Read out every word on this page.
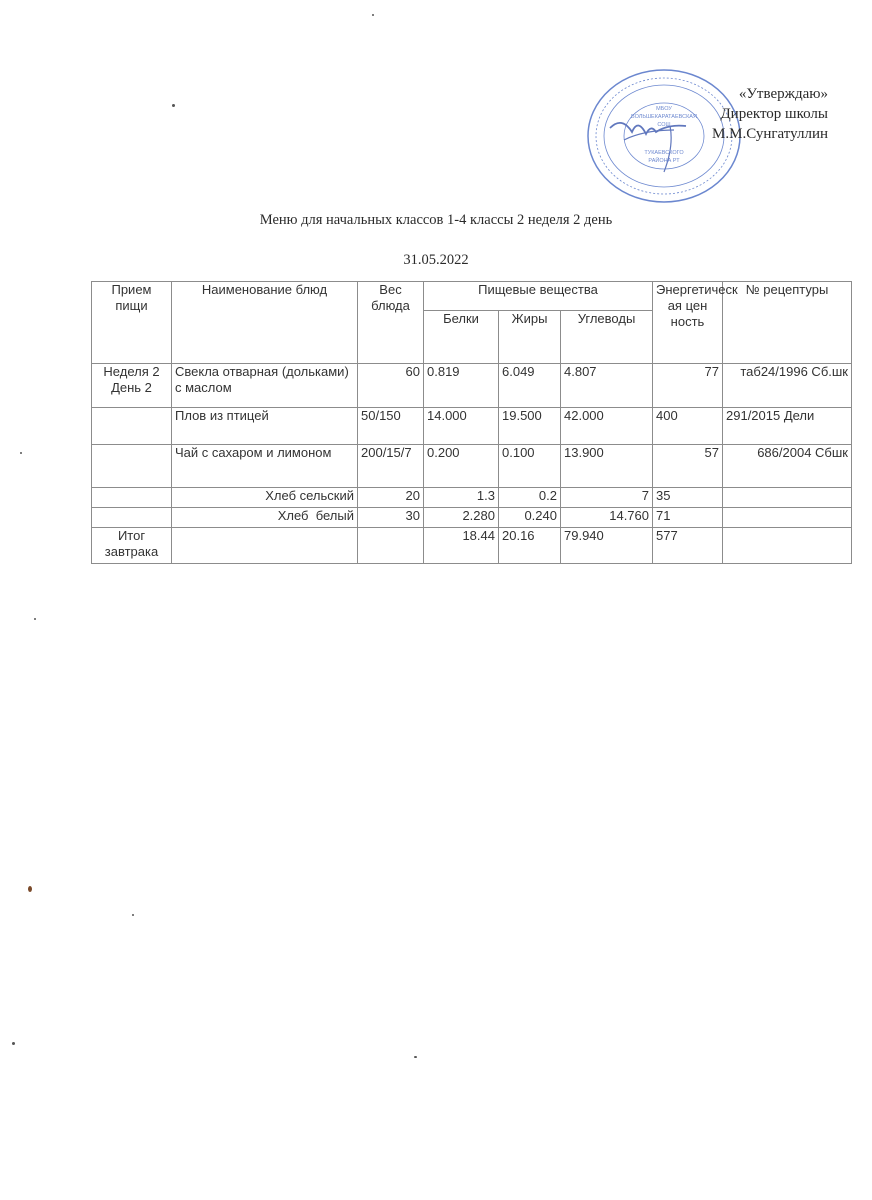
МБОУ
БОЛЬШЕКАРАТАЕВСКАЯ
СОШ
ТУКАЕВСКОГО
РАЙОНА РТ
«Утверждаю»
Директор школы
М.М.Сунгатуллин
Меню для начальных классов 1-4 классы 2 неделя 2 день
31.05.2022
Прием пищи	Наименование блюд	Вес блюда	Пищевые вещества			Энергетическ ая цен ность	№ рецептуры
			Белки	Жиры	Углеводы		
Неделя 2 День 2	Свекла отварная (дольками) с маслом	60	0.819	6.049	4.807	77	таб24/1996 Сб.шк
	Плов из птицей	50/150	14.000	19.500	42.000	400	291/2015 Дели
	Чай с сахаром и лимоном	200/15/7	0.200	0.100	13.900	57	686/2004 Сбшк
	Хлеб сельский	20	1.3	0.2	7	35	
	Хлеб  белый	30	2.280	0.240	14.760	71	
Итог завтрака			18.44	20.16	79.940	577	
